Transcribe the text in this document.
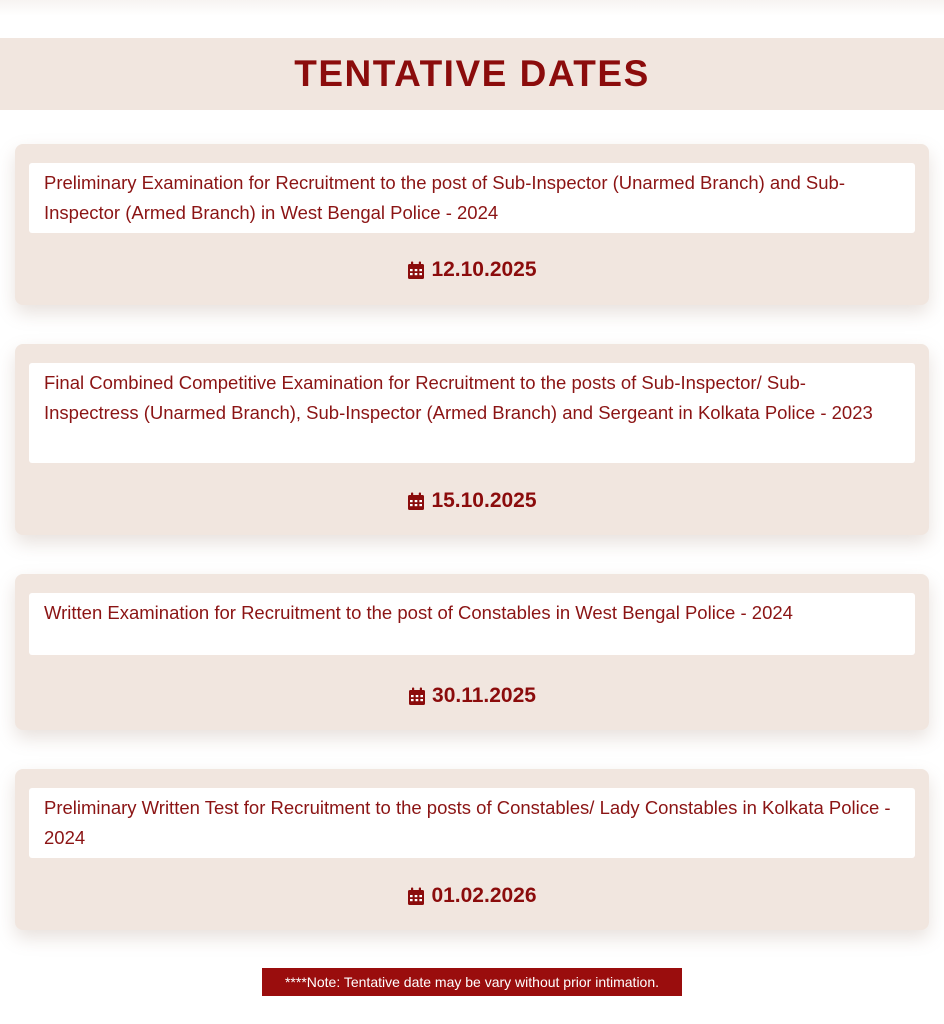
TENTATIVE DATES
Preliminary Examination for Recruitment to the post of Sub-Inspector (Unarmed Branch) and Sub-Inspector (Armed Branch) in West Bengal Police - 2024
12.10.2025
Final Combined Competitive Examination for Recruitment to the posts of Sub-Inspector/ Sub-Inspectress (Unarmed Branch), Sub-Inspector (Armed Branch) and Sergeant in Kolkata Police - 2023
15.10.2025
Written Examination for Recruitment to the post of Constables in West Bengal Police - 2024
30.11.2025
Preliminary Written Test for Recruitment to the posts of Constables/ Lady Constables in Kolkata Police - 2024
01.02.2026
****Note: Tentative date may be vary without prior intimation.
